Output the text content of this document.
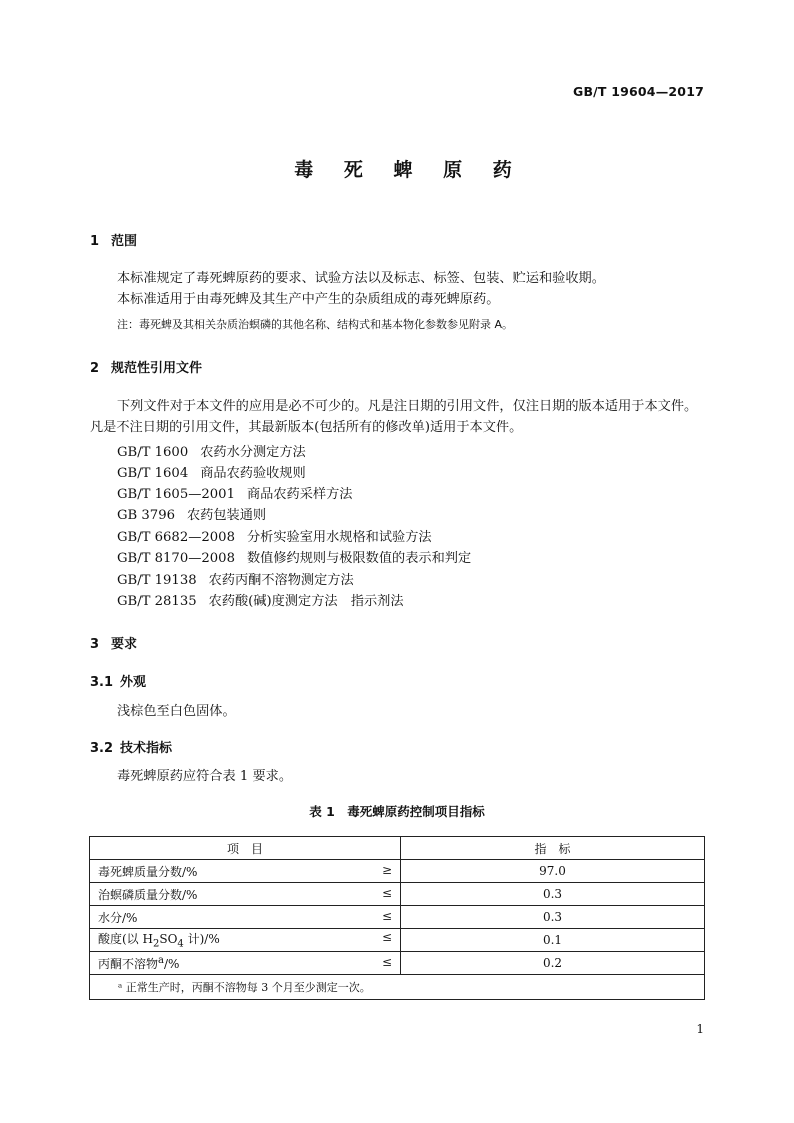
GB/T 19604—2017
毒 死 蜱 原 药
1 范围
本标准规定了毒死蜱原药的要求、试验方法以及标志、标签、包装、贮运和验收期。
本标准适用于由毒死蜱及其生产中产生的杂质组成的毒死蜱原药。
注：毒死蜱及其相关杂质治螟磷的其他名称、结构式和基本物化参数参见附录 A。
2 规范性引用文件
下列文件对于本文件的应用是必不可少的。凡是注日期的引用文件，仅注日期的版本适用于本文件。凡是不注日期的引用文件，其最新版本(包括所有的修改单)适用于本文件。
GB/T 1600 农药水分测定方法
GB/T 1604 商品农药验收规则
GB/T 1605—2001 商品农药采样方法
GB 3796 农药包装通则
GB/T 6682—2008 分析实验室用水规格和试验方法
GB/T 8170—2008 数值修约规则与极限数值的表示和判定
GB/T 19138 农药丙酮不溶物测定方法
GB/T 28135 农药酸(碱)度测定方法　指示剂法
3 要求
3.1 外观
浅棕色至白色固体。
3.2 技术指标
毒死蜱原药应符合表 1 要求。
表 1　毒死蜱原药控制项目指标
项　目	指　标
毒死蜱质量分数/% ≥	97.0
治螟磷质量分数/% ≤	0.3
水分/% ≤	0.3
酸度(以 $H_2SO_4$ 计)/% ≤	0.1
丙酮不溶物$^a$/% ≤	0.2
ᵃ 正常生产时，丙酮不溶物每 3 个月至少测定一次。	
1
